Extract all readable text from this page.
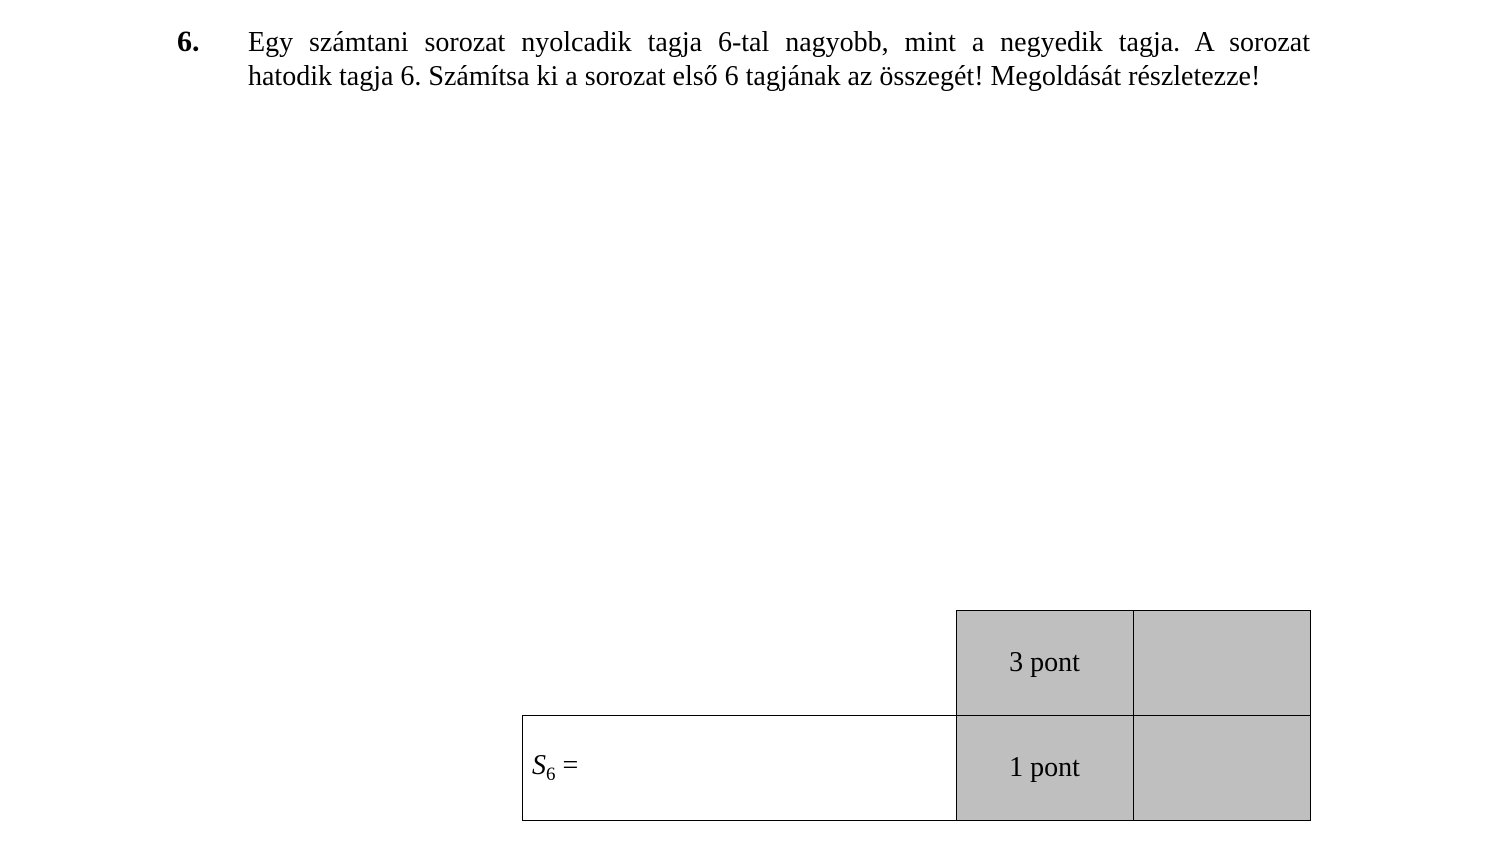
6. Egy számtani sorozat nyolcadik tagja 6-tal nagyobb, mint a negyedik tagja. A sorozat
hatodik tagja 6. Számítsa ki a sorozat első 6 tagjának az összegét! Megoldását részletezze!
	3 pont	
$S_6$ =	1 pont	
